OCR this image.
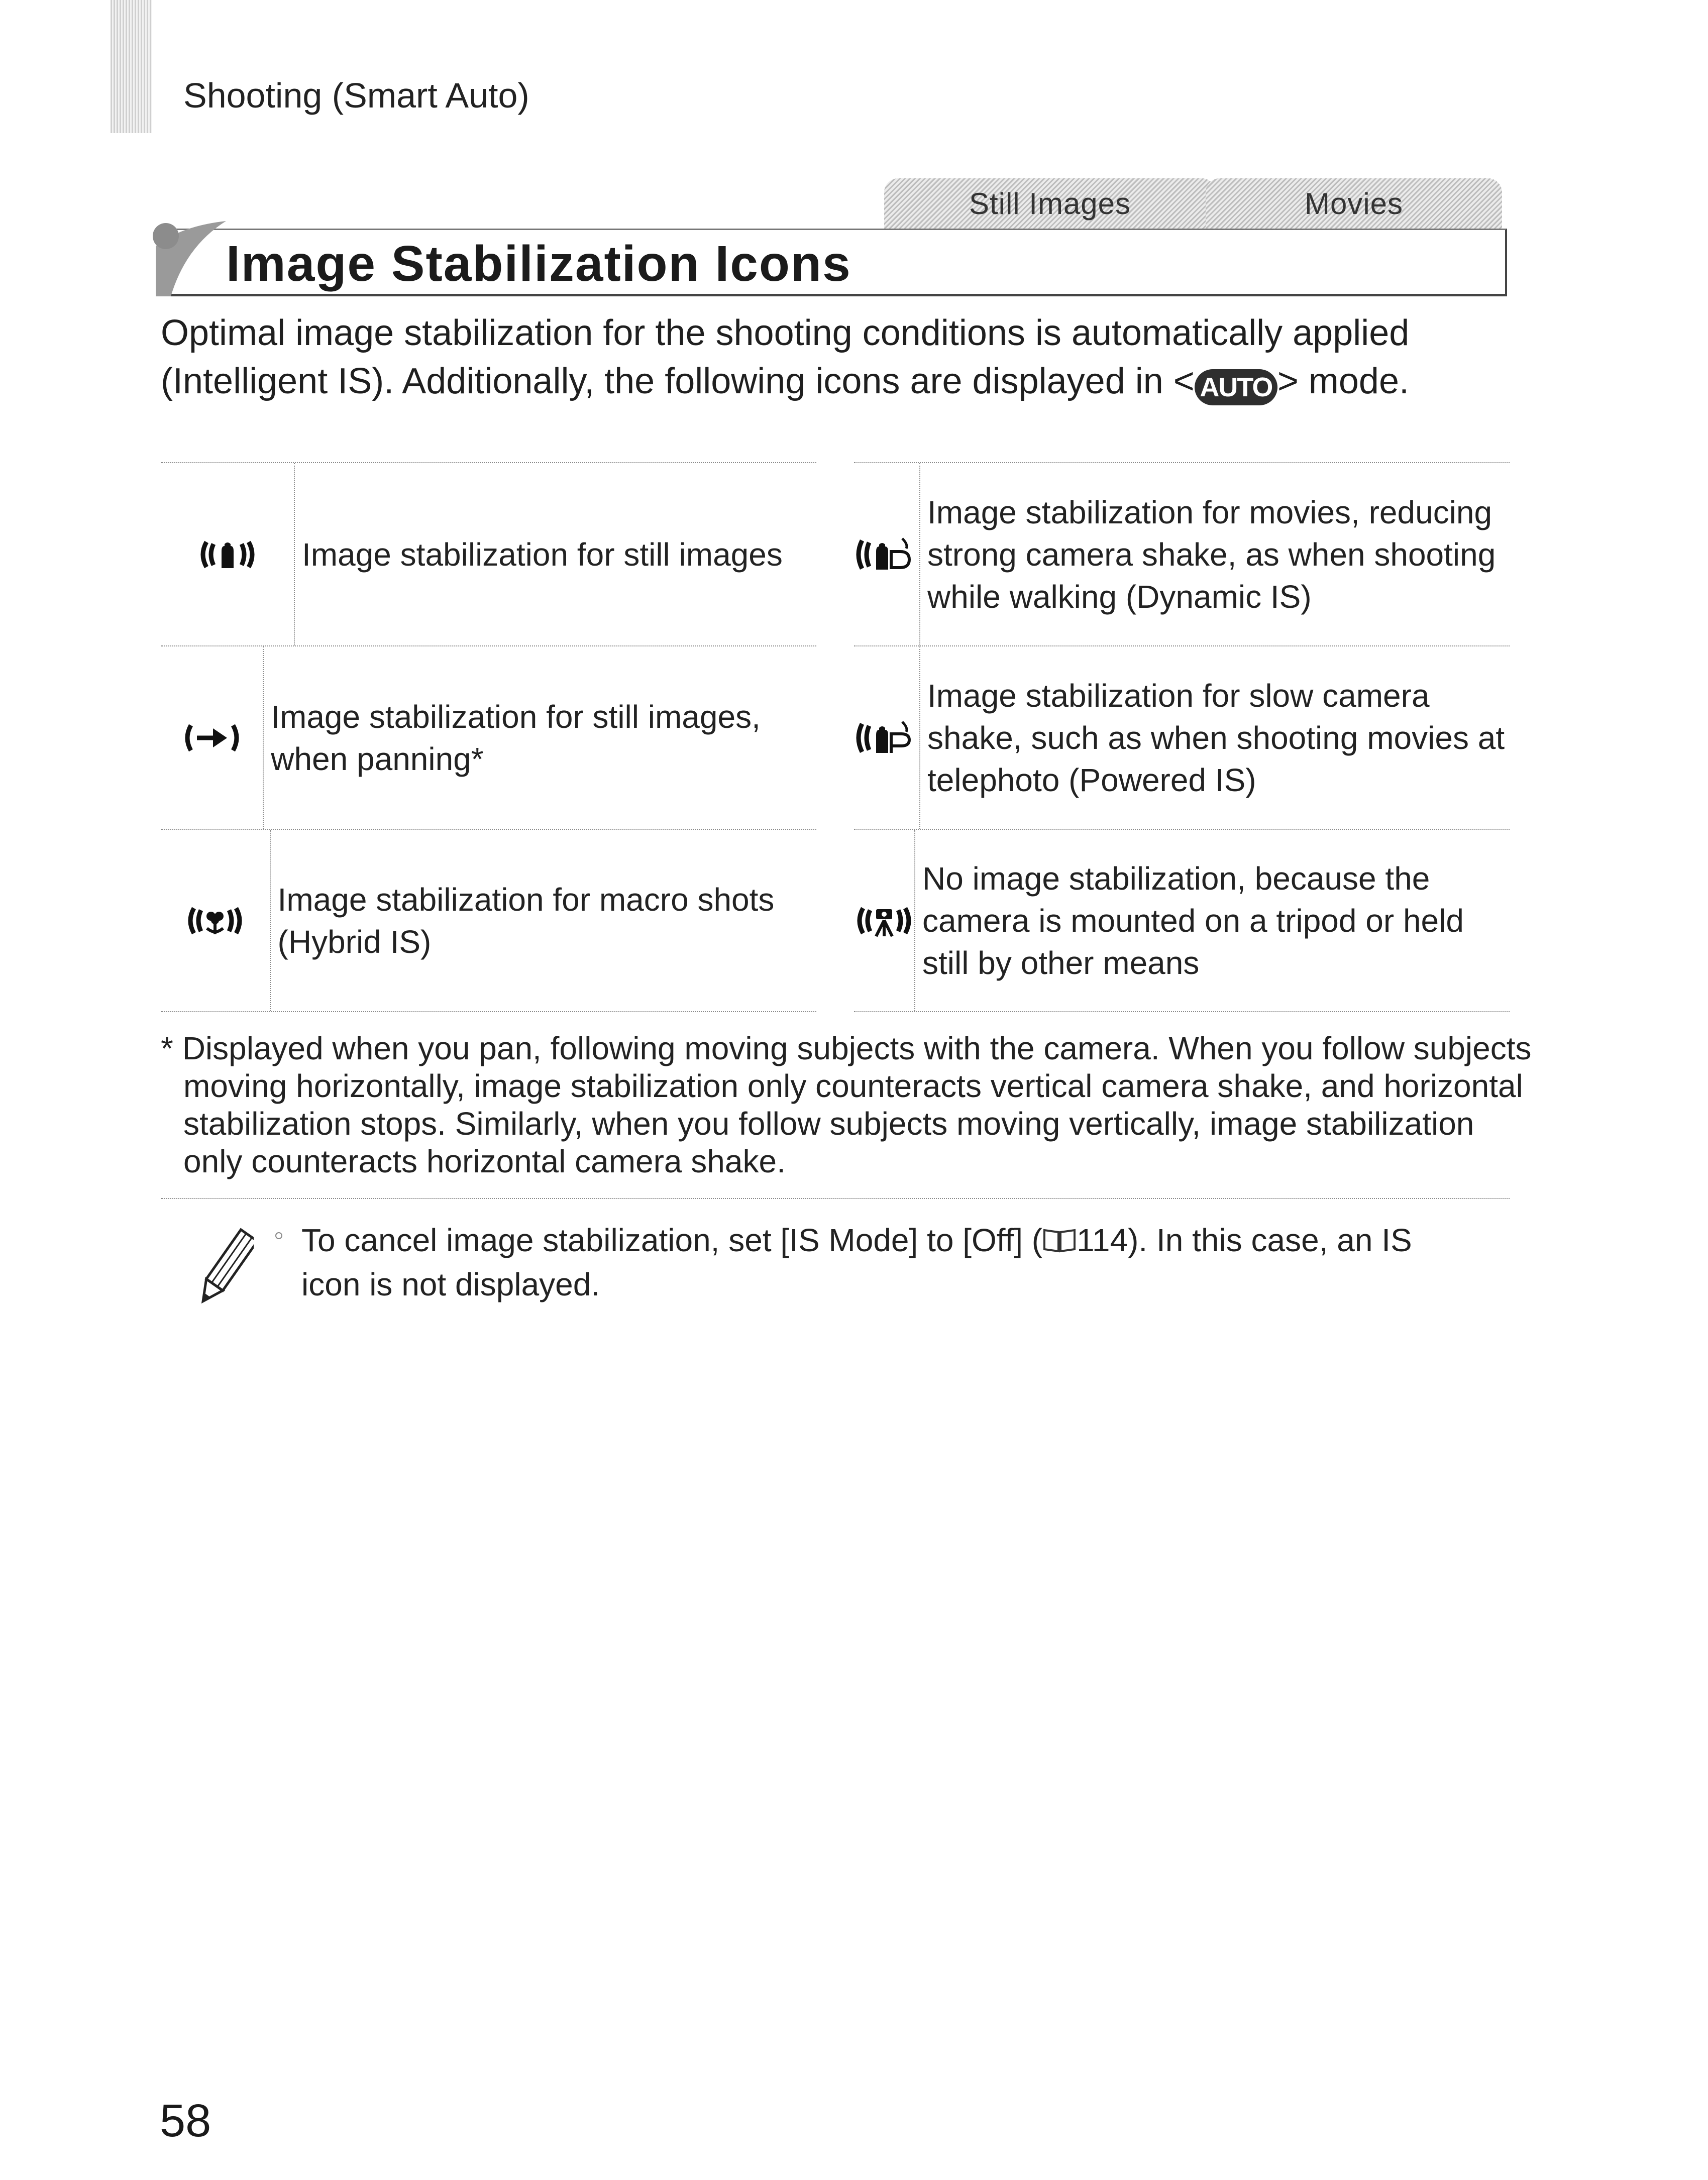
Shooting (Smart Auto)
Still Images	Movies
Image Stabilization Icons
Optimal image stabilization for the shooting conditions is automatically applied (Intelligent IS). Additionally, the following icons are displayed in < AUTO > mode.
Image stabilization for still images
Image stabilization for still images, when panning*
Image stabilization for macro shots (Hybrid IS)
Image stabilization for movies, reducing strong camera shake, as when shooting while walking (Dynamic IS)
Image stabilization for slow camera shake, such as when shooting movies at telephoto (Powered IS)
No image stabilization, because the camera is mounted on a tripod or held still by other means
* Displayed when you pan, following moving subjects with the camera. When you follow subjects moving horizontally, image stabilization only counteracts vertical camera shake, and horizontal stabilization stops. Similarly, when you follow subjects moving vertically, image stabilization only counteracts horizontal camera shake.
To cancel image stabilization, set [IS Mode] to [Off] ( 114). In this case, an IS icon is not displayed.
58
